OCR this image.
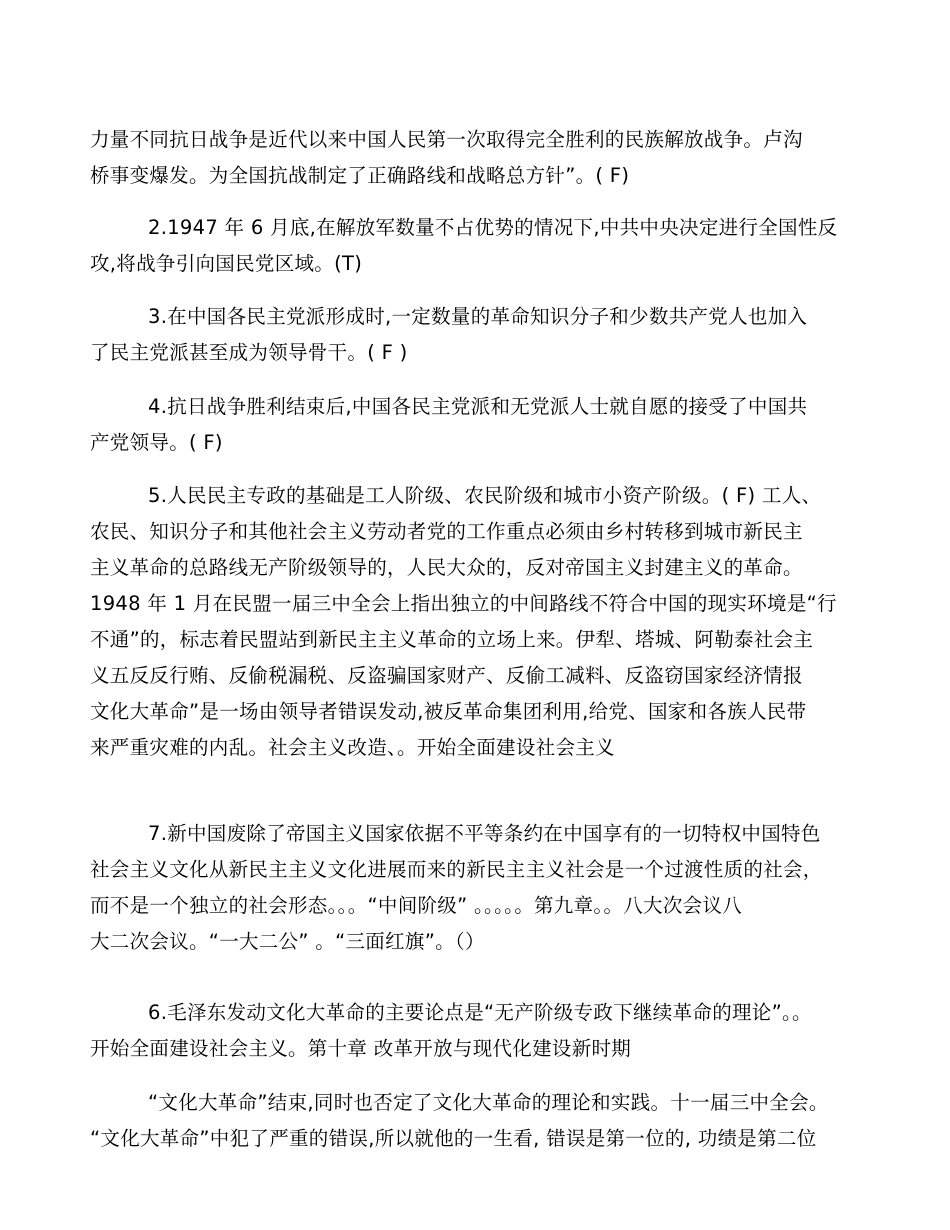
力量不同抗日战争是近代以来中国人民第一次取得完全胜利的民族解放战争。卢沟
桥事变爆发。为全国抗战制定了正确路线和战略总方针”。( F)
2.1947 年 6 月底,在解放军数量不占优势的情况下,中共中央决定进行全国性反
攻,将战争引向国民党区域。(T)
3.在中国各民主党派形成时,一定数量的革命知识分子和少数共产党人也加入
了民主党派甚至成为领导骨干。( F )
4.抗日战争胜利结束后,中国各民主党派和无党派人士就自愿的接受了中国共
产党领导。( F)
5.人民民主专政的基础是工人阶级、农民阶级和城市小资产阶级。( F) 工人、
农民、知识分子和其他社会主义劳动者党的工作重点必须由乡村转移到城市新民主
主义革命的总路线无产阶级领导的，人民大众的，反对帝国主义封建主义的革命。
1948 年 1 月在民盟一届三中全会上指出独立的中间路线不符合中国的现实环境是“行
不通”的，标志着民盟站到新民主主义革命的立场上来。伊犁、塔城、阿勒泰社会主
义五反反行贿、反偷税漏税、反盗骗国家财产、反偷工减料、反盗窃国家经济情报
文化大革命”是一场由领导者错误发动,被反革命集团利用,给党、国家和各族人民带
来严重灾难的内乱。社会主义改造、。开始全面建设社会主义
7.新中国废除了帝国主义国家依据不平等条约在中国享有的一切特权中国特色
社会主义文化从新民主主义文化进展而来的新民主主义社会是一个过渡性质的社会，
而不是一个独立的社会形态。。。“中间阶级” 。。。。。第九章。。八大次会议八
大二次会议。“一大二公” 。“三面红旗”。（）
6.毛泽东发动文化大革命的主要论点是“无产阶级专政下继续革命的理论”。。
开始全面建设社会主义。第十章 改革开放与现代化建设新时期
“文化大革命”结束,同时也否定了文化大革命的理论和实践。十一届三中全会。
“文化大革命”中犯了严重的错误,所以就他的一生看, 错误是第一位的, 功绩是第二位
